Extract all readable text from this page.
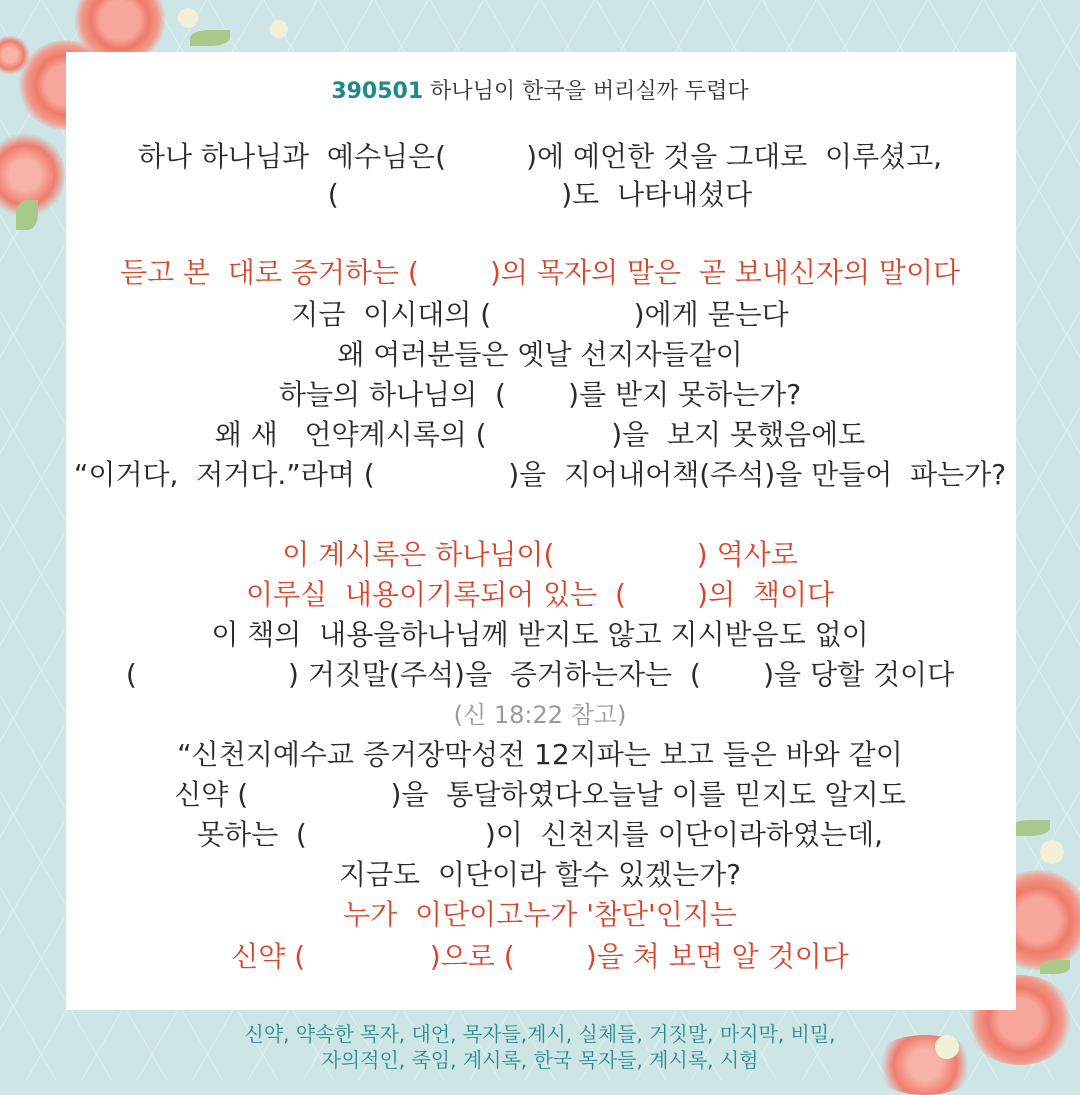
390501 하나님이 한국을 버리실까 두렵다
하나 하나님과  예수님은(         )에 예언한 것을 그대로  이루셨고,
(                         )도  나타내셨다
듣고 본  대로 증거하는 (        )의 목자의 말은  곧 보내신자의 말이다
지금  이시대의 (                )에게 묻는다
왜 여러분들은 옛날 선지자들같이
하늘의 하나님의  (       )를 받지 못하는가?
왜 새   언약계시록의 (              )을  보지 못했음에도
“이거다,  저거다.”라며 (               )을  지어내어책(주석)을 만들어  파는가?
이 계시록은 하나님이(                ) 역사로
이루실  내용이기록되어 있는  (        )의  책이다
이 책의  내용을하나님께 받지도 않고 지시받음도 없이
(                 ) 거짓말(주석)을  증거하는자는  (       )을 당할 것이다
(신 18:22 참고)
“신천지예수교 증거장막성전 12지파는 보고 들은 바와 같이
신약 (                )을  통달하였다오늘날 이를 믿지도 알지도
못하는  (                    )이  신천지를 이단이라하였는데,
지금도  이단이라 할수 있겠는가?
누가  이단이고누가 '참단'인지는
신약 (              )으로 (        )을 쳐 보면 알 것이다
신약, 약속한 목자, 대언, 목자들,계시, 실체들, 거짓말, 마지막, 비밀,
자의적인, 죽임, 계시록, 한국 목자들, 계시록, 시험
